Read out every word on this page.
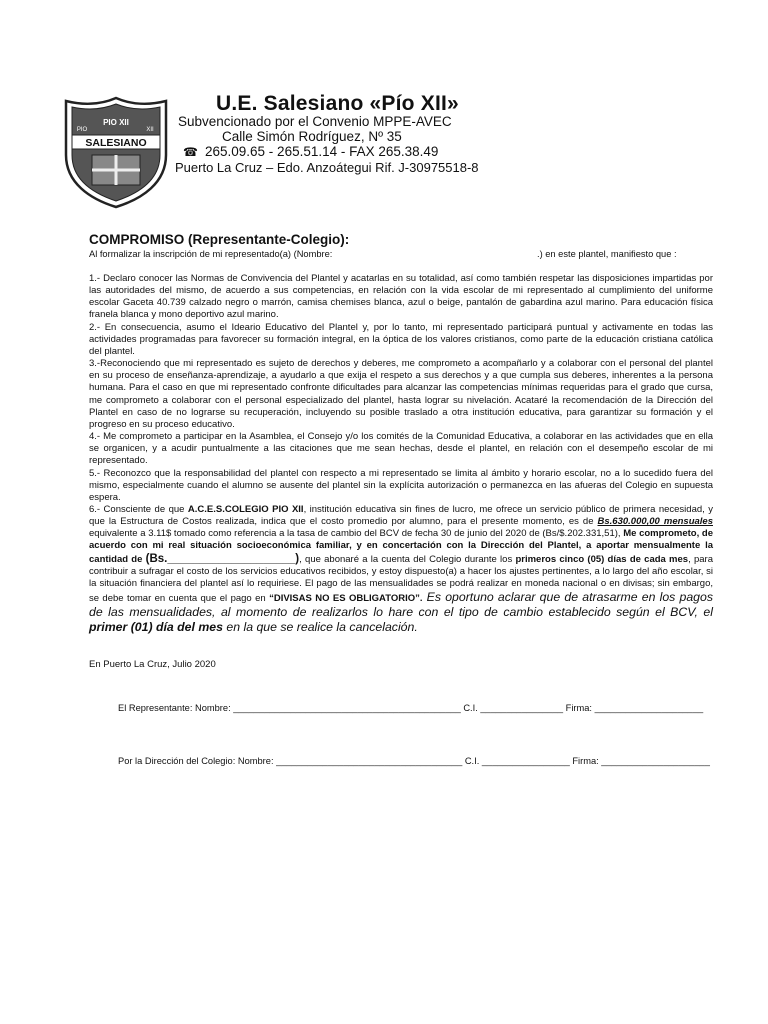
SALESIANO
PIO XII
PIO	XII
U.E. Salesiano «Pío XII»
Subvencionado por el Convenio MPPE-AVEC
Calle Simón Rodríguez, Nº 35
☎ 265.09.65 - 265.51.14 - FAX 265.38.49
Puerto La Cruz – Edo. Anzoátegui Rif. J-30975518-8
COMPROMISO (Representante-Colegio):
Al formalizar la inscripción de mi representado(a) (Nombre:	.) en este plantel, manifiesto que :

1.- Declaro conocer las Normas de Convivencia del Plantel y acatarlas en su totalidad, así como también respetar las disposiciones impartidas por las autoridades del mismo, de acuerdo a sus competencias, en relación con la vida escolar de mi representado al cumplimiento del uniforme escolar Gaceta 40.739 calzado negro o marrón, camisa chemises blanca, azul o beige, pantalón de gabardina azul marino. Para educación física franela blanca y mono deportivo azul marino.

2.- En consecuencia, asumo el Ideario Educativo del Plantel y, por lo tanto, mi representado participará puntual y activamente en todas las actividades programadas para favorecer su formación integral, en la óptica de los valores cristianos, como parte de la educación cristiana católica del plantel.

3.-Reconociendo que mi representado es sujeto de derechos y deberes, me comprometo a acompañarlo y a colaborar con el personal del plantel en su proceso de enseñanza-aprendizaje, a ayudarlo a que exija el respeto a sus derechos y a que cumpla sus deberes, inherentes a la persona humana. Para el caso en que mi representado confronte dificultades para alcanzar las competencias mínimas requeridas para el grado que cursa, me comprometo a colaborar con el personal especializado del plantel, hasta lograr su nivelación. Acataré la recomendación de la Dirección del Plantel en caso de no lograrse su recuperación, incluyendo su posible traslado a otra institución educativa, para garantizar su formación y el progreso en su proceso educativo.

4.- Me comprometo a participar en la Asamblea, el Consejo y/o los comités de la Comunidad Educativa, a colaborar en las actividades que en ella se organicen, y a acudir puntualmente a las citaciones que me sean hechas, desde el plantel, en relación con el desempeño escolar de mi representado.

5.- Reconozco que la responsabilidad del plantel con respecto a mi representado se limita al ámbito y horario escolar, no a lo sucedido fuera del mismo, especialmente cuando el alumno se ausente del plantel sin la explícita autorización o permanezca en las afueras del Colegio en supuesta espera.

6.- Consciente de que A.C.E.S.COLEGIO PIO XII, institución educativa sin fines de lucro, me ofrece un servicio público de primera necesidad, y que la Estructura de Costos realizada, indica que el costo promedio por alumno, para el presente momento, es de Bs.630.000,00 mensuales equivalente a 3.11$ tomado como referencia a la tasa de cambio del BCV de fecha 30 de junio del 2020 de (Bs/$.202.331,51), Me comprometo, de acuerdo con mi real situación socioeconómica familiar, y en concertación con la Dirección del Plantel, a aportar mensualmente la cantidad de (Bs.____________________), que abonaré a la cuenta del Colegio durante los primeros cinco (05) días de cada mes, para contribuir a sufragar el costo de los servicios educativos recibidos, y estoy dispuesto(a) a hacer los ajustes pertinentes, a lo largo del año escolar, si la situación financiera del plantel así lo requiriese. El pago de las mensualidades se podrá realizar en moneda nacional o en divisas; sin embargo, se debe tomar en cuenta que el pago en “DIVISAS NO ES OBLIGATORIO”. Es oportuno aclarar que de atrasarme en los pagos de las mensualidades, al momento de realizarlos lo hare con el tipo de cambio establecido según el BCV, el primer (01) día del mes en la que se realice la cancelación.

En Puerto La Cruz, Julio 2020
El Representante: Nombre: ____________________________________________ C.I. ________________ Firma: _____________________
Por la Dirección del Colegio: Nombre: ____________________________________ C.I. _________________ Firma: _____________________
